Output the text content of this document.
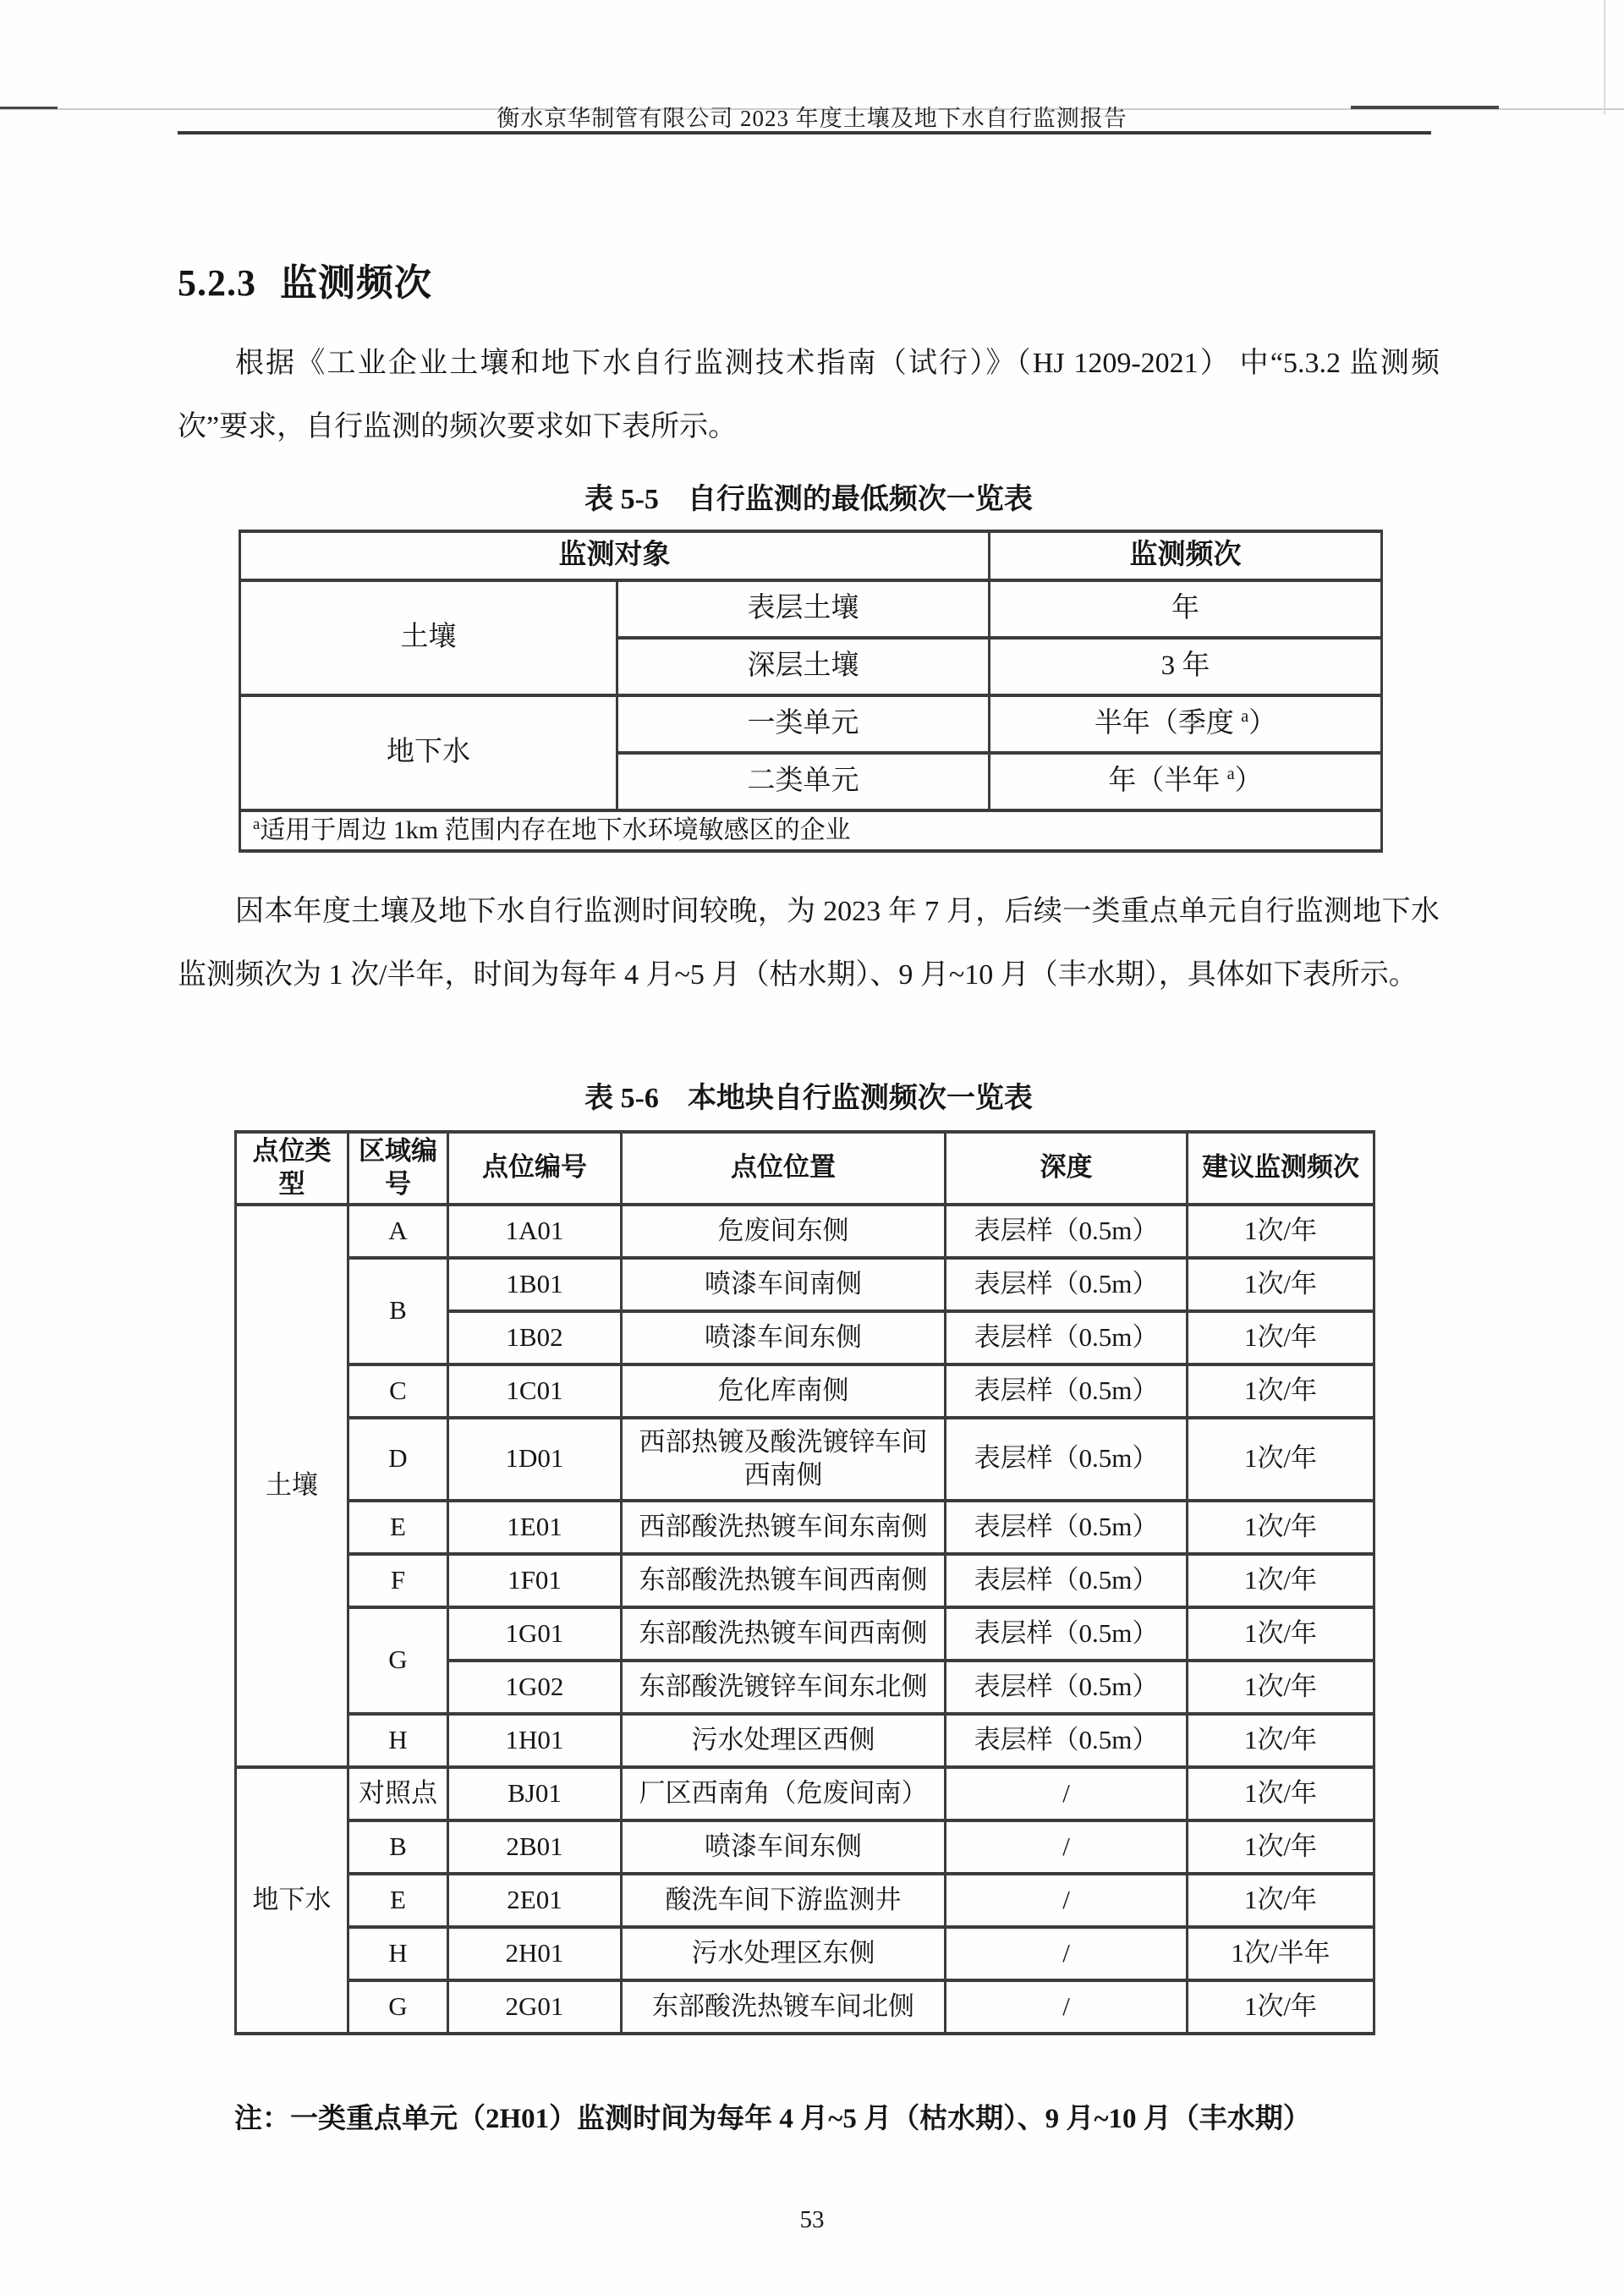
衡水京华制管有限公司 2023 年度土壤及地下水自行监测报告
5.2.3 监测频次
根据《工业企业土壤和地下水自行监测技术指南（试行）》（HJ 1209-2021） 中“5.3.2 监测频次”要求，自行监测的频次要求如下表所示。
表 5-5　自行监测的最低频次一览表
监测对象		监测频次
土壤	表层土壤	年
	深层土壤	3 年
地下水	一类单元	半年（季度 $^a$）
	二类单元	年（半年 $^a$）
$^a$适用于周边 1km 范围内存在地下水环境敏感区的企业		
因本年度土壤及地下水自行监测时间较晚，为 2023 年 7 月，后续一类重点单元自行监测地下水监测频次为 1 次/半年，时间为每年 4 月~5 月（枯水期）、9 月~10 月（丰水期），具体如下表所示。
表 5-6　本地块自行监测频次一览表
点位类型	区域编号	点位编号	点位位置	深度	建议监测频次
土壤	A	1A01	危废间东侧	表层样（0.5m）	1次/年
	B	1B01	喷漆车间南侧	表层样（0.5m）	1次/年
		1B02	喷漆车间东侧	表层样（0.5m）	1次/年
	C	1C01	危化库南侧	表层样（0.5m）	1次/年
	D	1D01	西部热镀及酸洗镀锌车间西南侧	表层样（0.5m）	1次/年
	E	1E01	西部酸洗热镀车间东南侧	表层样（0.5m）	1次/年
	F	1F01	东部酸洗热镀车间西南侧	表层样（0.5m）	1次/年
	G	1G01	东部酸洗热镀车间西南侧	表层样（0.5m）	1次/年
		1G02	东部酸洗镀锌车间东北侧	表层样（0.5m）	1次/年
	H	1H01	污水处理区西侧	表层样（0.5m）	1次/年
地下水	对照点	BJ01	厂区西南角（危废间南）	/	1次/年
	B	2B01	喷漆车间东侧	/	1次/年
	E	2E01	酸洗车间下游监测井	/	1次/年
	H	2H01	污水处理区东侧	/	1次/半年
	G	2G01	东部酸洗热镀车间北侧	/	1次/年
注：一类重点单元（2H01）监测时间为每年 4 月~5 月（枯水期）、9 月~10 月（丰水期）
53
